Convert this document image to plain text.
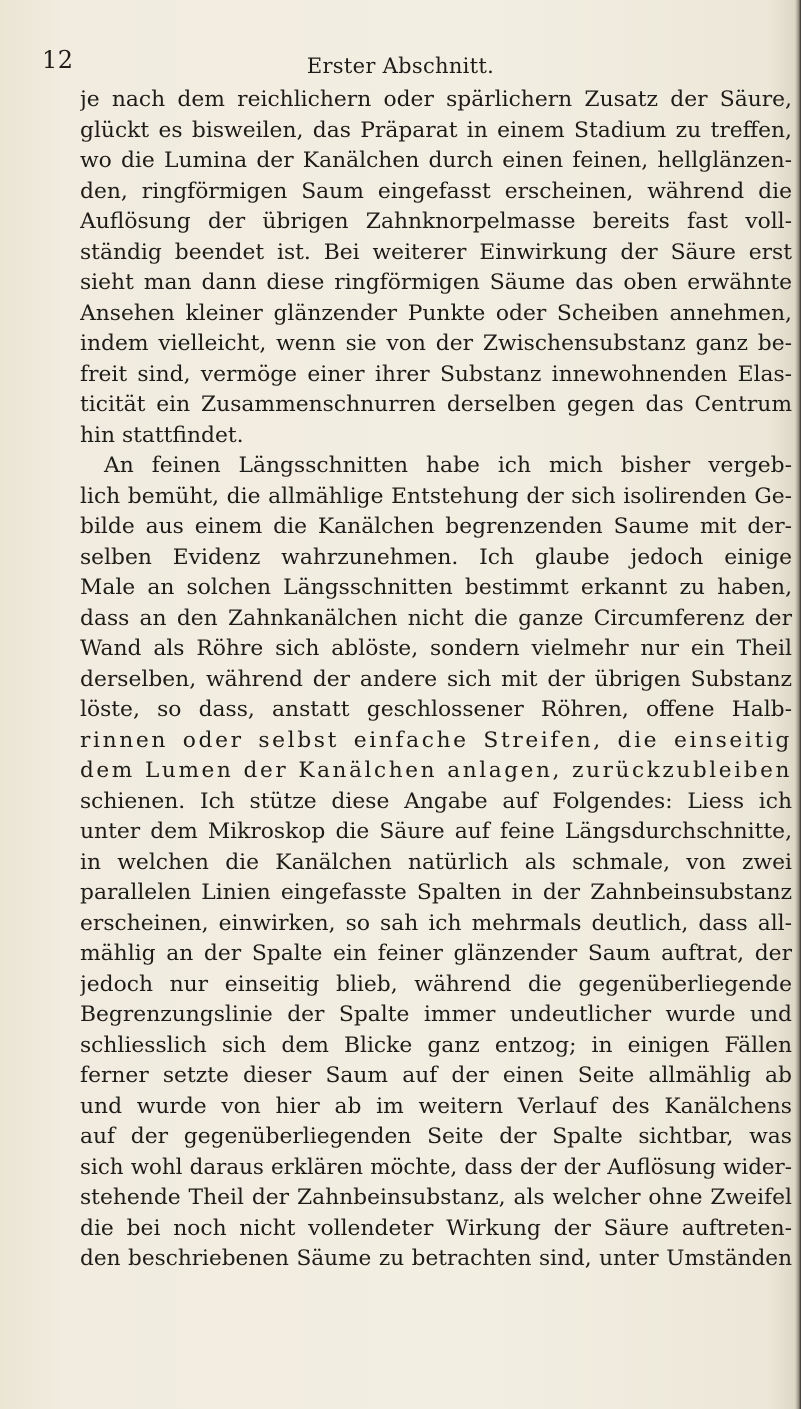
12	Erster Abschnitt.
je nach dem reichlichern oder spärlichern Zusatz der Säure,
glückt es bisweilen, das Präparat in einem Stadium zu treffen,
wo die Lumina der Kanälchen durch einen feinen, hellglänzen-
den, ringförmigen Saum eingefasst erscheinen, während die
Auflösung der übrigen Zahnknorpelmasse bereits fast voll-
ständig beendet ist. Bei weiterer Einwirkung der Säure erst
sieht man dann diese ringförmigen Säume das oben erwähnte
Ansehen kleiner glänzender Punkte oder Scheiben annehmen,
indem vielleicht, wenn sie von der Zwischensubstanz ganz be-
freit sind, vermöge einer ihrer Substanz innewohnenden Elas-
ticität ein Zusammenschnurren derselben gegen das Centrum
hin stattfindet.
An feinen Längsschnitten habe ich mich bisher vergeb-
lich bemüht, die allmählige Entstehung der sich isolirenden Ge-
bilde aus einem die Kanälchen begrenzenden Saume mit der-
selben Evidenz wahrzunehmen. Ich glaube jedoch einige
Male an solchen Längsschnitten bestimmt erkannt zu haben,
dass an den Zahnkanälchen nicht die ganze Circumferenz der
Wand als Röhre sich ablöste, sondern vielmehr nur ein Theil
derselben, während der andere sich mit der übrigen Substanz
löste, so dass, anstatt geschlossener Röhren, offene Halb-
rinnen oder selbst einfache Streifen, die einseitig
dem Lumen der Kanälchen anlagen, zurückzubleiben
schienen. Ich stütze diese Angabe auf Folgendes: Liess ich
unter dem Mikroskop die Säure auf feine Längsdurchschnitte,
in welchen die Kanälchen natürlich als schmale, von zwei
parallelen Linien eingefasste Spalten in der Zahnbeinsubstanz
erscheinen, einwirken, so sah ich mehrmals deutlich, dass all-
mählig an der Spalte ein feiner glänzender Saum auftrat, der
jedoch nur einseitig blieb, während die gegenüberliegende
Begrenzungslinie der Spalte immer undeutlicher wurde und
schliesslich sich dem Blicke ganz entzog; in einigen Fällen
ferner setzte dieser Saum auf der einen Seite allmählig ab
und wurde von hier ab im weitern Verlauf des Kanälchens
auf der gegenüberliegenden Seite der Spalte sichtbar, was
sich wohl daraus erklären möchte, dass der der Auflösung wider-
stehende Theil der Zahnbeinsubstanz, als welcher ohne Zweifel
die bei noch nicht vollendeter Wirkung der Säure auftreten-
den beschriebenen Säume zu betrachten sind, unter Umständen
